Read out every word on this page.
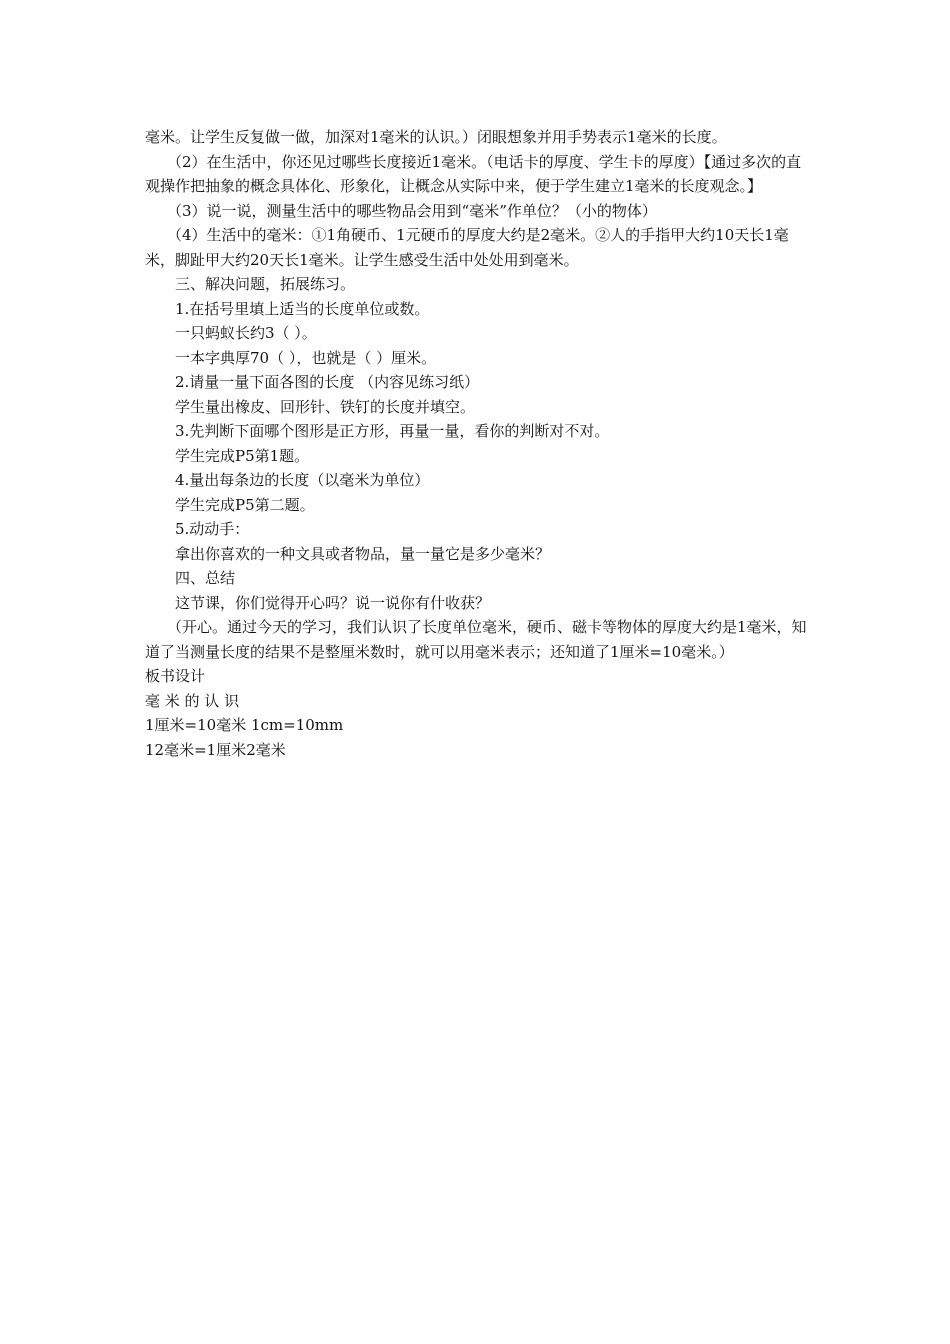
毫米。让学生反复做一做，加深对1毫米的认识。）闭眼想象并用手势表示1毫米的长度。

（2）在生活中，你还见过哪些长度接近1毫米。（电话卡的厚度、学生卡的厚度）【通过多次的直观操作把抽象的概念具体化、形象化，让概念从实际中来，便于学生建立1毫米的长度观念。】

（3）说一说，测量生活中的哪些物品会用到“毫米”作单位？（小的物体）

（4）生活中的毫米：①1角硬币、1元硬币的厚度大约是2毫米。②人的手指甲大约10天长1毫米，脚趾甲大约20天长1毫米。让学生感受生活中处处用到毫米。

三、解决问题，拓展练习。

1.在括号里填上适当的长度单位或数。

一只蚂蚁长约3（ ）。

一本字典厚70（ ），也就是（ ）厘米。

2.请量一量下面各图的长度 （内容见练习纸）

学生量出橡皮、回形针、铁钉的长度并填空。

3.先判断下面哪个图形是正方形，再量一量，看你的判断对不对。

学生完成P5第1题。

4.量出每条边的长度（以毫米为单位）

学生完成P5第二题。

5.动动手：

拿出你喜欢的一种文具或者物品，量一量它是多少毫米？

四、总结

这节课，你们觉得开心吗？说一说你有什收获？

（开心。通过今天的学习，我们认识了长度单位毫米，硬币、磁卡等物体的厚度大约是1毫米，知道了当测量长度的结果不是整厘米数时，就可以用毫米表示；还知道了1厘米=10毫米。）

板书设计

毫 米 的 认 识

1厘米=10毫米 1cm=10mm

12毫米=1厘米2毫米
